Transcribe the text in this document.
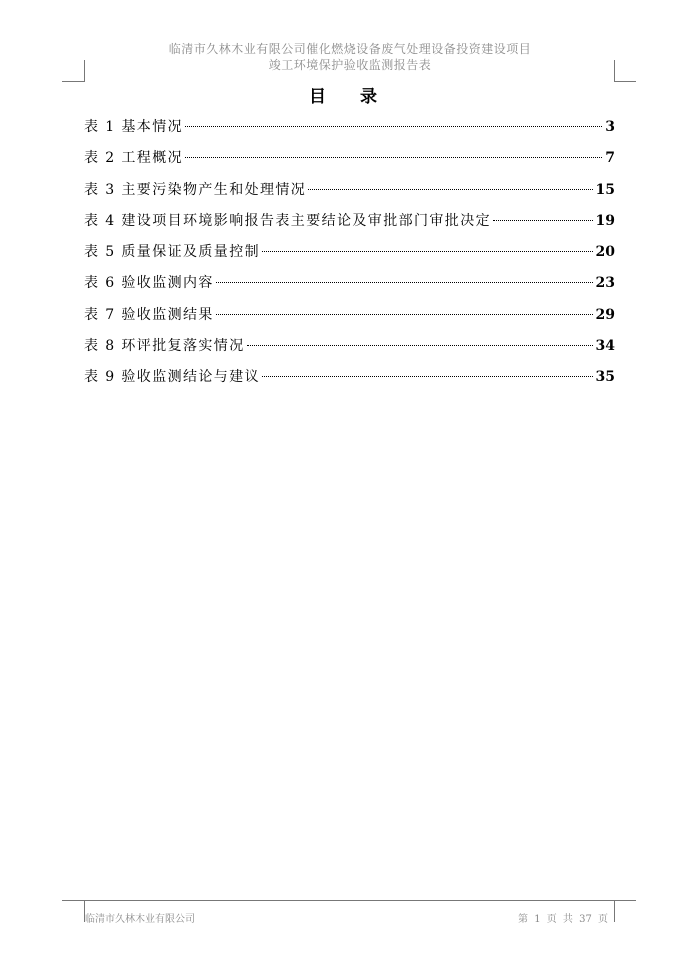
临清市久林木业有限公司催化燃烧设备废气处理设备投资建设项目
竣工环境保护验收监测报告表
目 录
表 1 基本情况	3
表 2 工程概况	7
表 3 主要污染物产生和处理情况	15
表 4 建设项目环境影响报告表主要结论及审批部门审批决定	19
表 5 质量保证及质量控制	20
表 6 验收监测内容	23
表 7 验收监测结果	29
表 8 环评批复落实情况	34
表 9 验收监测结论与建议	35
临清市久林木业有限公司	第 1 页 共 37 页
